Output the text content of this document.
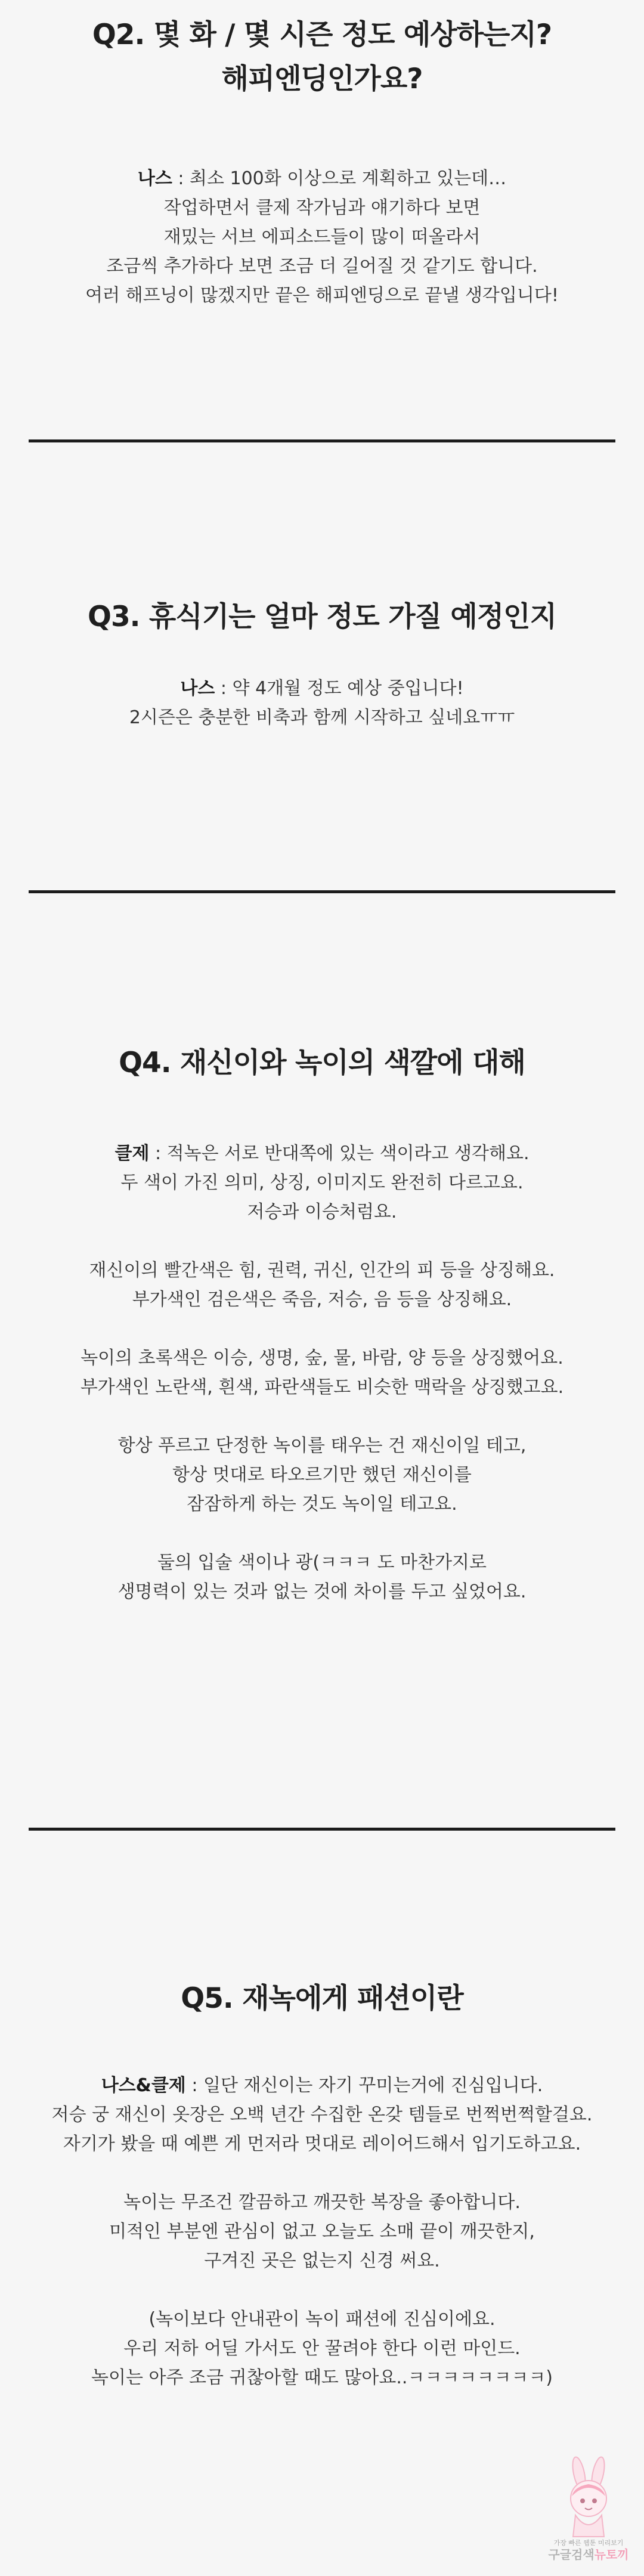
Q2. 몇 화 / 몇 시즌 정도 예상하는지?
해피엔딩인가요?
나스 : 최소 100화 이상으로 계획하고 있는데…
작업하면서 클제 작가님과 얘기하다 보면
재밌는 서브 에피소드들이 많이 떠올라서
조금씩 추가하다 보면 조금 더 길어질 것 같기도 합니다.
여러 해프닝이 많겠지만 끝은 해피엔딩으로 끝낼 생각입니다!
Q3. 휴식기는 얼마 정도 가질 예정인지
나스 : 약 4개월 정도 예상 중입니다!
2시즌은 충분한 비축과 함께 시작하고 싶네요ㅠㅠ
Q4. 재신이와 녹이의 색깔에 대해
클제 : 적녹은 서로 반대쪽에 있는 색이라고 생각해요.
두 색이 가진 의미, 상징, 이미지도 완전히 다르고요.
저승과 이승처럼요.
재신이의 빨간색은 힘, 권력, 귀신, 인간의 피 등을 상징해요.
부가색인 검은색은 죽음, 저승, 음 등을 상징해요.
녹이의 초록색은 이승, 생명, 숲, 물, 바람, 양 등을 상징했어요.
부가색인 노란색, 흰색, 파란색들도 비슷한 맥락을 상징했고요.
항상 푸르고 단정한 녹이를 태우는 건 재신이일 테고,
항상 멋대로 타오르기만 했던 재신이를
잠잠하게 하는 것도 녹이일 테고요.
둘의 입술 색이나 광(ㅋㅋㅋ 도 마찬가지로
생명력이 있는 것과 없는 것에 차이를 두고 싶었어요.
Q5. 재녹에게 패션이란
나스&클제 : 일단 재신이는 자기 꾸미는거에 진심입니다.
저승 궁 재신이 옷장은 오백 년간 수집한 온갖 템들로 번쩍번쩍할걸요.
자기가 봤을 때 예쁜 게 먼저라 멋대로 레이어드해서 입기도하고요.
녹이는 무조건 깔끔하고 깨끗한 복장을 좋아합니다.
미적인 부분엔 관심이 없고 오늘도 소매 끝이 깨끗한지,
구겨진 곳은 없는지 신경 써요.
(녹이보다 안내관이 녹이 패션에 진심이에요.
우리 저하 어딜 가서도 안 꿀려야 한다 이런 마인드.
녹이는 아주 조금 귀찮아할 때도 많아요..ㅋㅋㅋㅋㅋㅋㅋㅋ)
가장 빠른 웹툰 미리보기
구글검색뉴토끼
